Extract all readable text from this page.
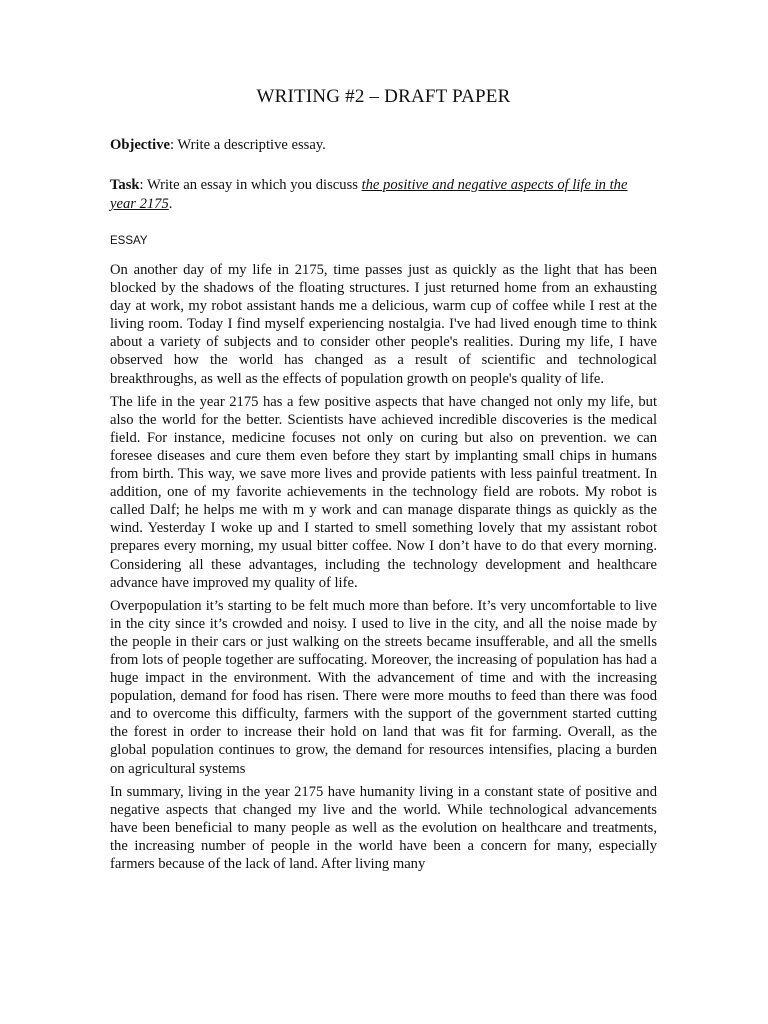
WRITING #2 – DRAFT PAPER

Objective: Write a descriptive essay.

Task: Write an essay in which you discuss the positive and negative aspects of life in the year 2175.

ESSAY

On another day of my life in 2175, time passes just as quickly as the light that has been blocked by the shadows of the floating structures. I just returned home from an exhausting day at work, my robot assistant hands me a delicious, warm cup of coffee while I rest at the living room. Today I find myself experiencing nostalgia. I've had lived enough time to think about a variety of subjects and to consider other people's realities. During my life, I have observed how the world has changed as a result of scientific and technological breakthroughs, as well as the effects of population growth on people's quality of life.

The life in the year 2175 has a few positive aspects that have changed not only my life, but also the world for the better. Scientists have achieved incredible discoveries is the medical field. For instance, medicine focuses not only on curing but also on prevention. we can foresee diseases and cure them even before they start by implanting small chips in humans from birth. This way, we save more lives and provide patients with less painful treatment. In addition, one of my favorite achievements in the technology field are robots. My robot is called Dalf; he helps me with m y work and can manage disparate things as quickly as the wind. Yesterday I woke up and I started to smell something lovely that my assistant robot prepares every morning, my usual bitter coffee. Now I don’t have to do that every morning. Considering all these advantages, including the technology development and healthcare advance have improved my quality of life.

Overpopulation it’s starting to be felt much more than before. It’s very uncomfortable to live in the city since it’s crowded and noisy. I used to live in the city, and all the noise made by the people in their cars or just walking on the streets became insufferable, and all the smells from lots of people together are suffocating. Moreover, the increasing of population has had a huge impact in the environment. With the advancement of time and with the increasing population, demand for food has risen. There were more mouths to feed than there was food and to overcome this difficulty, farmers with the support of the government started cutting the forest in order to increase their hold on land that was fit for farming. Overall, as the global population continues to grow, the demand for resources intensifies, placing a burden on agricultural systems

In summary, living in the year 2175 have humanity living in a constant state of positive and negative aspects that changed my live and the world. While technological advancements have been beneficial to many people as well as the evolution on healthcare and treatments, the increasing number of people in the world have been a concern for many, especially farmers because of the lack of land. After living many
